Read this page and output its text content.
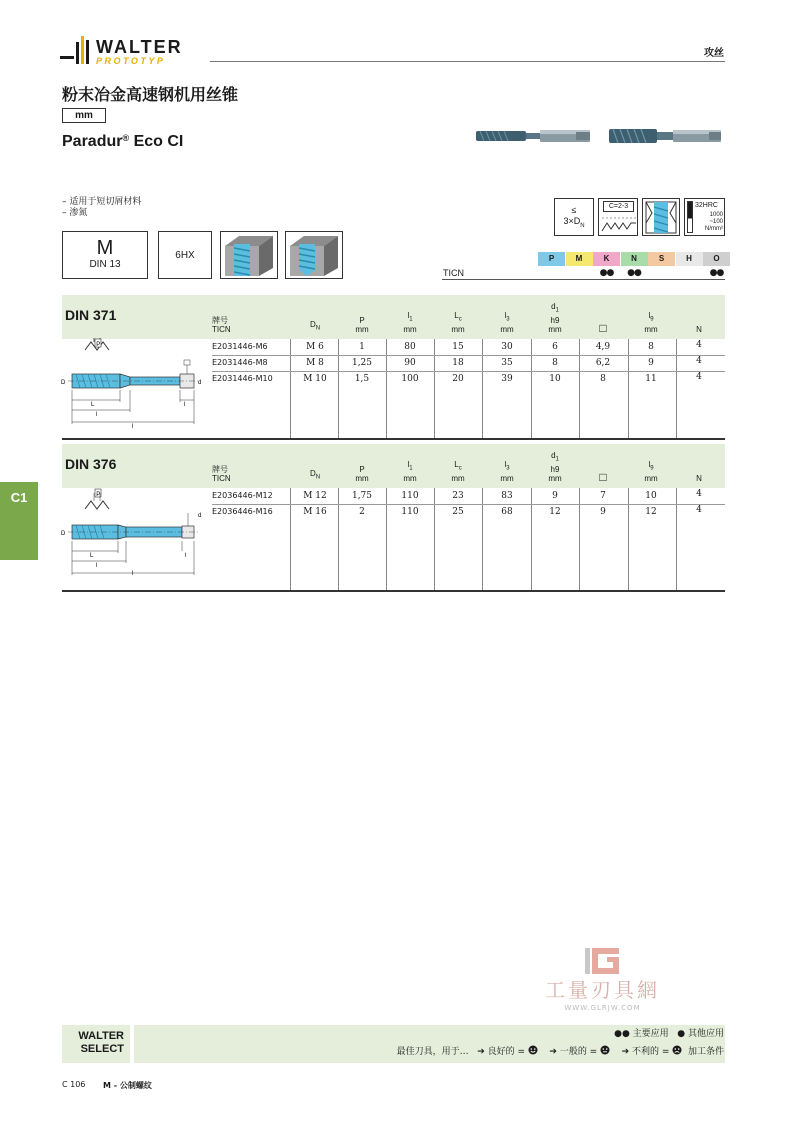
WALTER
PROTOTYP
攻丝
粉末冶金高速钢机用丝锥
mm
Paradur® Eco CI
– 适用于短切屑材料
– 渗氮
M
DIN 13
6HX
≤
$3\times D_N$
C=2-3	32HRC
1000
~100
N/mm²
P	M	K
●●
N
●●
S	H	O
●●
TICN
DIN 371	牌号
TICN
$D_N$
P
mm
$l_1$
mm
$L_c$
mm
$l_3$
mm
$d_1$
h9
mm	□
$l_9$
mm	N
E2031446-M6	M 6	1	80	15	30	6	4,9	8	4
E2031446-M8	M 8	1,25	90	18	35	8	6,2	9	4
E2031446-M10	M 10	1,5	100	20	39	10	8	11	4
DIN 376	牌号
TICN
$D_N$
P
mm
$l_1$
mm
$L_c$
mm
$l_3$
mm
$d_1$
h9
mm	□
$l_9$
mm	N
E2036446-M12	M 12	1,75	110	23	83	9	7	10	4
E2036446-M16	M 16	2	110	25	68	12	9	12	4
P
D	d
L
l
l
l
P
D
d
L
l
l
l
C1
工量刃具網
WWW.GLRJW.COM
WALTER
SELECT
●● 主要应用 ● 其他应用
最佳刀具，用于… ➔ 良好的 =	➔ 一般的 =	➔ 不利的 = 加工条件
C 106 M - 公制螺纹
